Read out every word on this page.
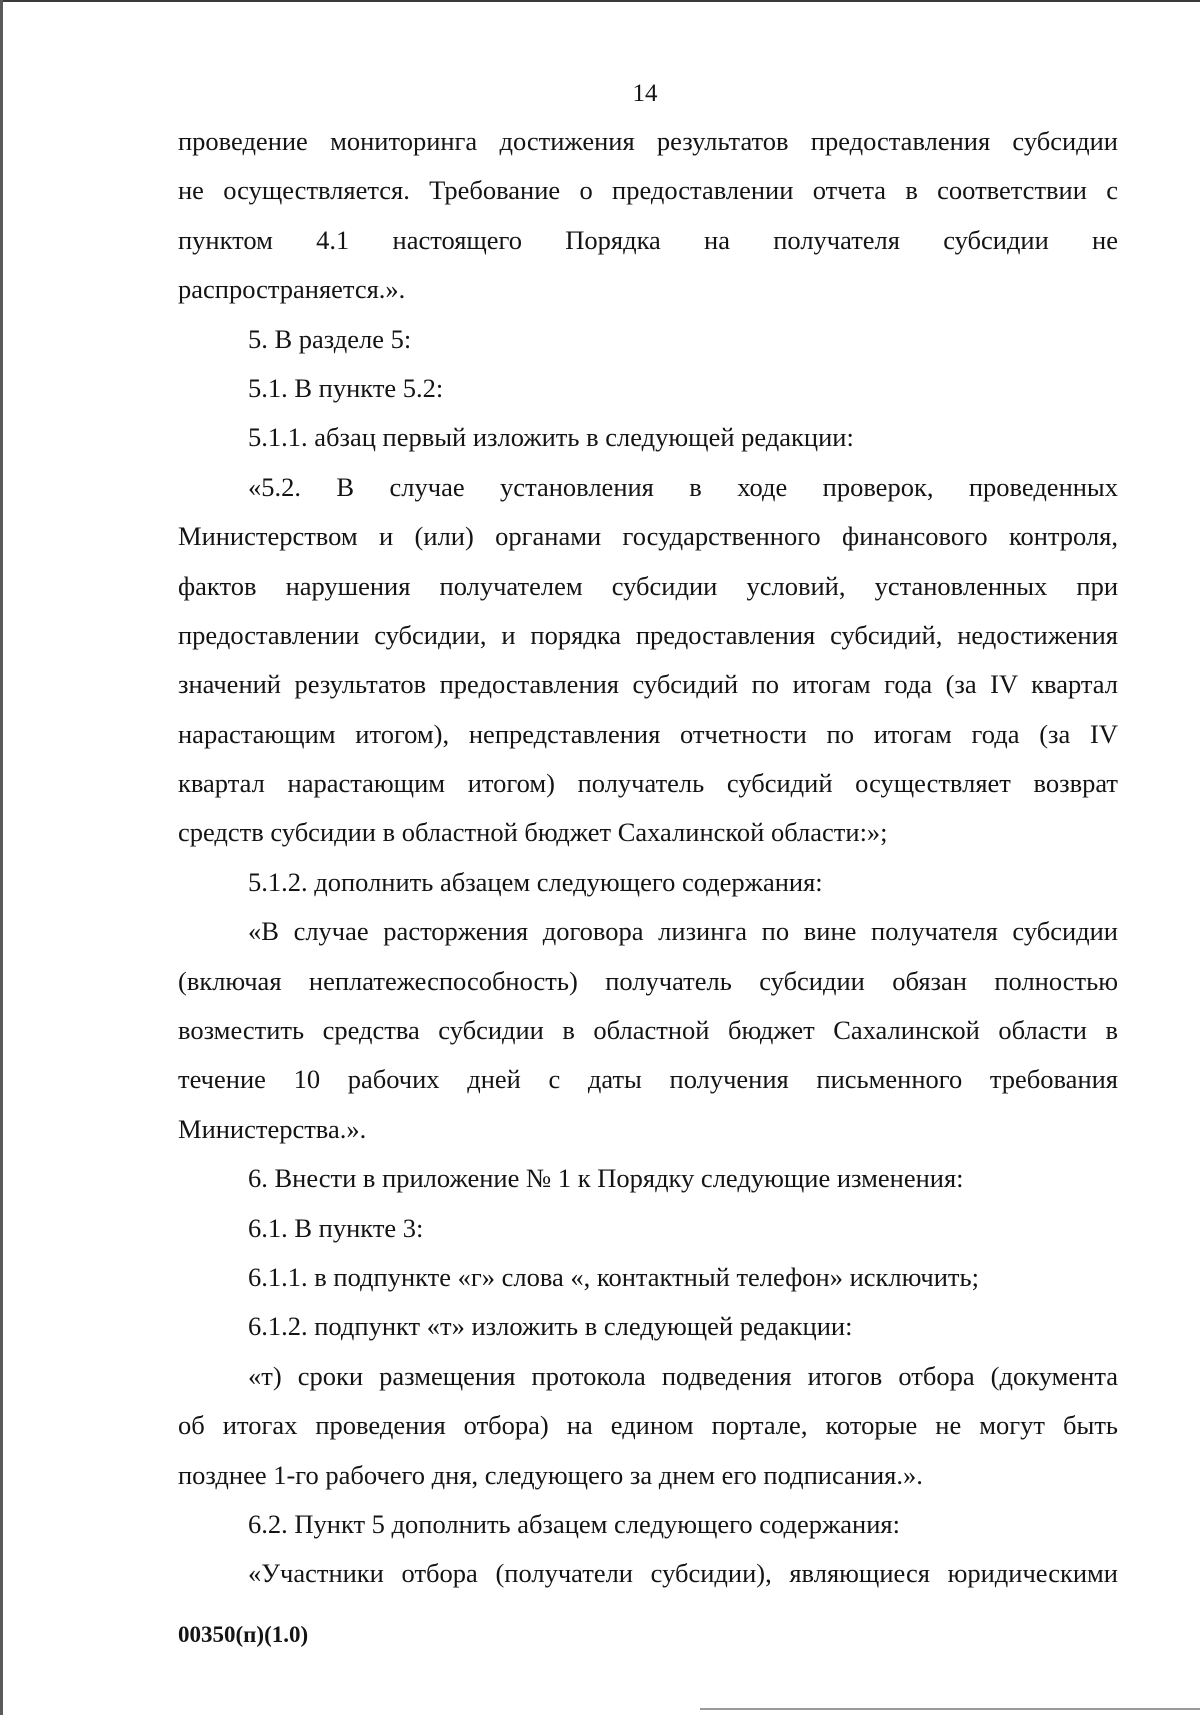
14
проведение мониторинга достижения результатов предоставления субсидии
не осуществляется. Требование о предоставлении отчета в соответствии с
пунктом 4.1 настоящего Порядка на получателя субсидии не
распространяется.».
5. В разделе 5:
5.1. В пункте 5.2:
5.1.1. абзац первый изложить в следующей редакции:
«5.2. В случае установления в ходе проверок, проведенных
Министерством и (или) органами государственного финансового контроля,
фактов нарушения получателем субсидии условий, установленных при
предоставлении субсидии, и порядка предоставления субсидий, недостижения
значений результатов предоставления субсидий по итогам года (за IV квартал
нарастающим итогом), непредставления отчетности по итогам года (за IV
квартал нарастающим итогом) получатель субсидий осуществляет возврат
средств субсидии в областной бюджет Сахалинской области:»;
5.1.2. дополнить абзацем следующего содержания:
«В случае расторжения договора лизинга по вине получателя субсидии
(включая неплатежеспособность) получатель субсидии обязан полностью
возместить средства субсидии в областной бюджет Сахалинской области в
течение 10 рабочих дней с даты получения письменного требования
Министерства.».
6. Внести в приложение № 1 к Порядку следующие изменения:
6.1. В пункте 3:
6.1.1. в подпункте «г» слова «, контактный телефон» исключить;
6.1.2. подпункт «т» изложить в следующей редакции:
«т) сроки размещения протокола подведения итогов отбора (документа
об итогах проведения отбора) на едином портале, которые не могут быть
позднее 1-го рабочего дня, следующего за днем его подписания.».
6.2. Пункт 5 дополнить абзацем следующего содержания:
«Участники отбора (получатели субсидии), являющиеся юридическими
00350(п)(1.0)
